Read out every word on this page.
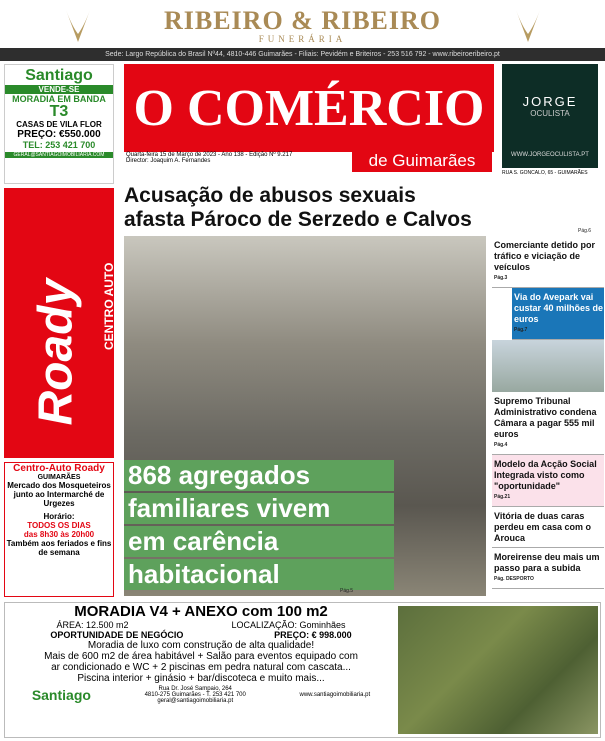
RIBEIRO & RIBEIRO
FUNERÁRIA
Sede: Largo República do Brasil Nº44, 4810-446 Guimarães - Filiais: Pevidém e Briteiros - 253 516 792 - www.ribeiroeribeiro.pt
Santiago
VENDE-SE
MORADIA EM BANDA
T3
CASAS DE VILA FLOR
PREÇO: €550.000
TEL: 253 421 700
GERAL@SANTIAGOIMOBILIARIA.COM
O COMÉRCIO
Quarta-feira 15 de Março de 2023 - Ano 138 - Edição Nº 9.217
Director: Joaquim A. Fernandes	de Guimarães
JORGE
OCULISTA
WWW.JORGEOCULISTA.PT
RUA S. GONCALO, 65 - GUIMARÃES
Acusação de abusos sexuais
afasta Pároco de Serzedo e Calvos	Pág.6
868 agregados
familiares vivem
em carência
habitacional
Pág.5
Comerciante detido por tráfico e viciação de veículos
Pág.3
Via do Avepark vai custar 40 milhões de euros
Pág.7
Supremo Tribunal Administrativo condena Câmara a pagar 555 mil euros
Pág.4
Modelo da Acção Social Integrada visto como "oportunidade"
Pág.21
Vitória de duas caras perdeu em casa com o Arouca
Moreirense deu mais um passo para a subida
Pág. DESPORTO
Roady CENTRO AUTO
Centro-Auto Roady
GUIMARÃES
Mercado dos Mosqueteiros junto ao Intermarché de Urgezes
Horário:
TODOS OS DIAS
das 8h30 às 20h00
Também aos feriados e fins de semana
MORADIA V4 + ANEXO com 100 m2
ÁREA: 12.500 m2	LOCALIZAÇÃO: Gominhães
OPORTUNIDADE DE NEGÓCIO	PREÇO: € 998.000
Moradia de luxo com construção de alta qualidade!
Mais de 600 m2 de área habitável + Salão para eventos equipado com
ar condicionado e WC + 2 piscinas em pedra natural com cascata...
Piscina interior + ginásio + bar/discoteca e muito mais...
Santiago	Rua Dr. José Sampaio, 264
4810-275 Guimarães - T. 253 421 700
geral@santiagoimobiliaria.pt
www.santiagoimobiliaria.pt
